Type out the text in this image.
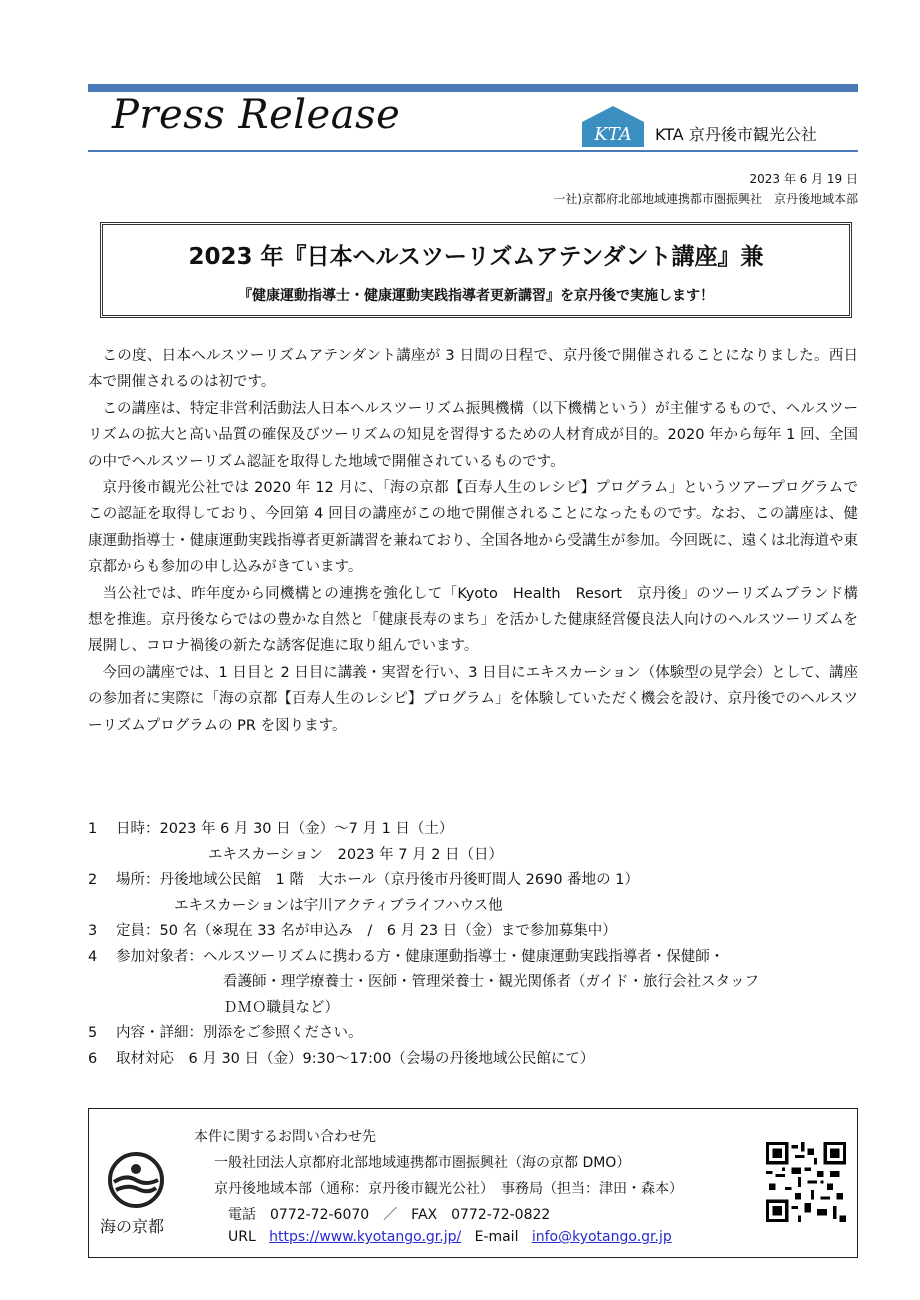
Press Release	KTA KTA 京丹後市観光公社
2023 年 6 月 19 日
一社)京都府北部地域連携都市圏振興社　京丹後地域本部
2023 年『日本ヘルスツーリズムアテンダント講座』兼
『健康運動指導士・健康運動実践指導者更新講習』を京丹後で実施します！

この度、日本ヘルスツーリズムアテンダント講座が 3 日間の日程で、京丹後で開催されることになりました。西日本で開催されるのは初です。

この講座は、特定非営利活動法人日本ヘルスツーリズム振興機構（以下機構という）が主催するもので、ヘルスツーリズムの拡大と高い品質の確保及びツーリズムの知見を習得するための人材育成が目的。2020 年から毎年 1 回、全国の中でヘルスツーリズム認証を取得した地域で開催されているものです。

京丹後市観光公社では 2020 年 12 月に、「海の京都【百寿人生のレシピ】プログラム」というツアープログラムでこの認証を取得しており、今回第 4 回目の講座がこの地で開催されることになったものです。なお、この講座は、健康運動指導士・健康運動実践指導者更新講習を兼ねており、全国各地から受講生が参加。今回既に、遠くは北海道や東京都からも参加の申し込みがきています。

当公社では、昨年度から同機構との連携を強化して「Kyoto　Health　Resort　京丹後」のツーリズムブランド構想を推進。京丹後ならではの豊かな自然と「健康長寿のまち」を活かした健康経営優良法人向けのヘルスツーリズムを展開し、コロナ禍後の新たな誘客促進に取り組んでいます。

今回の講座では、1 日目と 2 日目に講義・実習を行い、3 日目にエキスカーション（体験型の見学会）として、講座の参加者に実際に「海の京都【百寿人生のレシピ】プログラム」を体験していただく機会を設け、京丹後でのヘルスツーリズムプログラムの PR を図ります。

1 日時：2023 年 6 月 30 日（金）～7 月 1 日（土）
エキスカーション　2023 年 7 月 2 日（日）
2 場所：丹後地域公民館　1 階　大ホール（京丹後市丹後町間人 2690 番地の 1）
エキスカーションは宇川アクティブライフハウス他
3 定員：50 名（※現在 33 名が申込み　/　6 月 23 日（金）まで参加募集中）
4 参加対象者：ヘルスツーリズムに携わる方・健康運動指導士・健康運動実践指導者・保健師・
看護師・理学療養士・医師・管理栄養士・観光関係者（ガイド・旅行会社スタッフ
ＤＭＯ職員など）
5 内容・詳細：別添をご参照ください。
6 取材対応　6 月 30 日（金）9:30～17:00（会場の丹後地域公民館にて）
本件に関するお問い合わせ先
一般社団法人京都府北部地域連携都市圏振興社（海の京都 DMO）
京丹後地域本部（通称：京丹後市観光公社）　事務局（担当：津田・森本）
電話　0772-72-6070　／　FAX　0772-72-0822
URL https://www.kyotango.gr.jp/ E-mail info@kyotango.gr.jp
海の京都
